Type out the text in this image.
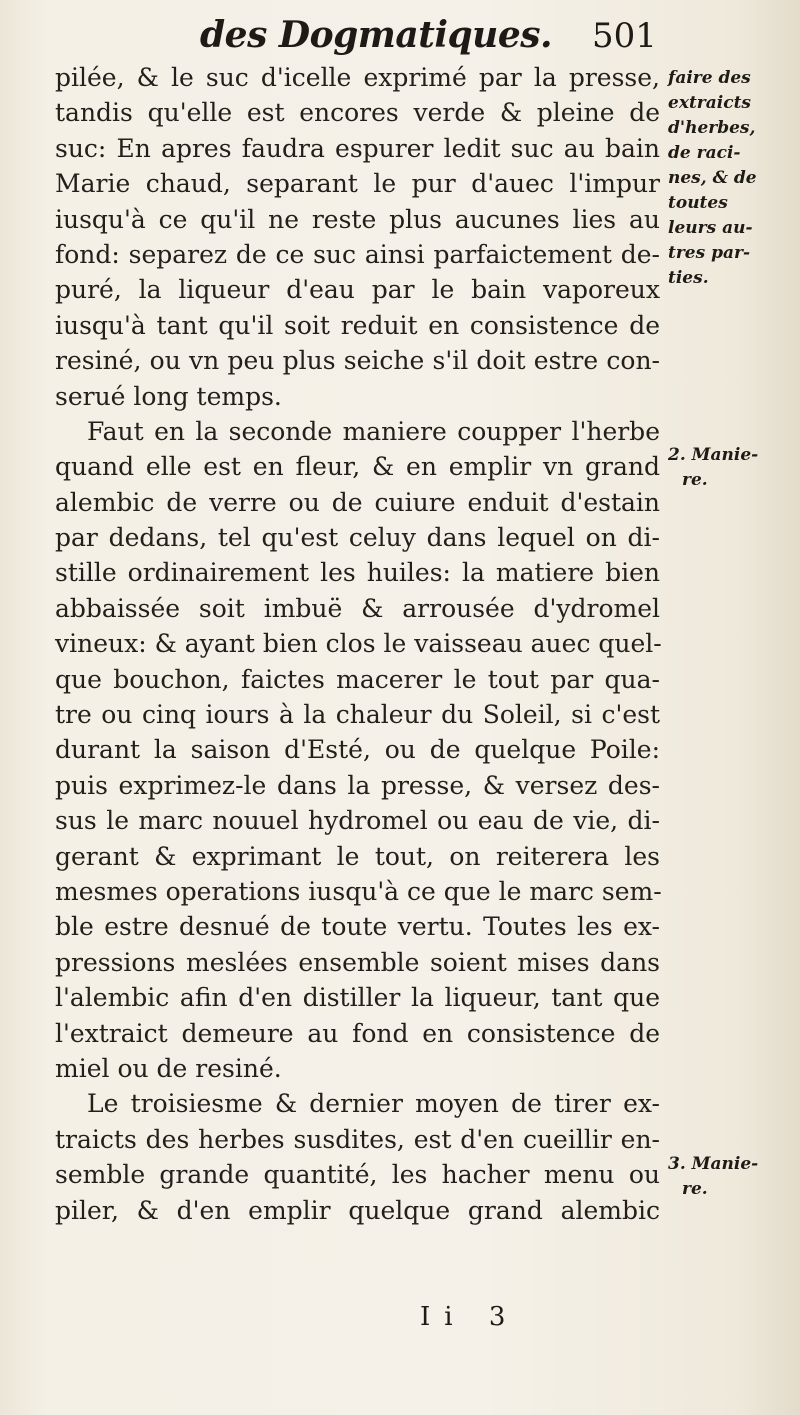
des Dogmatiques. 501
pilée, & le suc d'icelle exprimé par la presse,
tandis qu'elle est encores verde & pleine de
suc: En apres faudra espurer ledit suc au bain
Marie chaud, separant le pur d'auec l'impur
iusqu'à ce qu'il ne reste plus aucunes lies au
fond: separez de ce suc ainsi parfaictement de-
puré, la liqueur d'eau par le bain vaporeux
iusqu'à tant qu'il soit reduit en consistence de
resiné, ou vn peu plus seiche s'il doit estre con-
serué long temps.
Faut en la seconde maniere coupper l'herbe
quand elle est en fleur, & en emplir vn grand
alembic de verre ou de cuiure enduit d'estain
par dedans, tel qu'est celuy dans lequel on di-
stille ordinairement les huiles: la matiere bien
abbaissée soit imbuë & arrousée d'ydromel
vineux: & ayant bien clos le vaisseau auec quel-
que bouchon, faictes macerer le tout par qua-
tre ou cinq iours à la chaleur du Soleil, si c'est
durant la saison d'Esté, ou de quelque Poile:
puis exprimez-le dans la presse, & versez des-
sus le marc nouuel hydromel ou eau de vie, di-
gerant & exprimant le tout, on reiterera les
mesmes operations iusqu'à ce que le marc sem-
ble estre desnué de toute vertu. Toutes les ex-
pressions meslées ensemble soient mises dans
l'alembic afin d'en distiller la liqueur, tant que
l'extraict demeure au fond en consistence de
miel ou de resiné.
Le troisiesme & dernier moyen de tirer ex-
traicts des herbes susdites, est d'en cueillir en-
semble grande quantité, les hacher menu ou
piler, & d'en emplir quelque grand alembic
faire des
extraicts
d'herbes,
de raci-
nes, & de
toutes
leurs au-
tres par-
ties.
2. Manie-
re.
3. Manie-
re.
Ii 3
